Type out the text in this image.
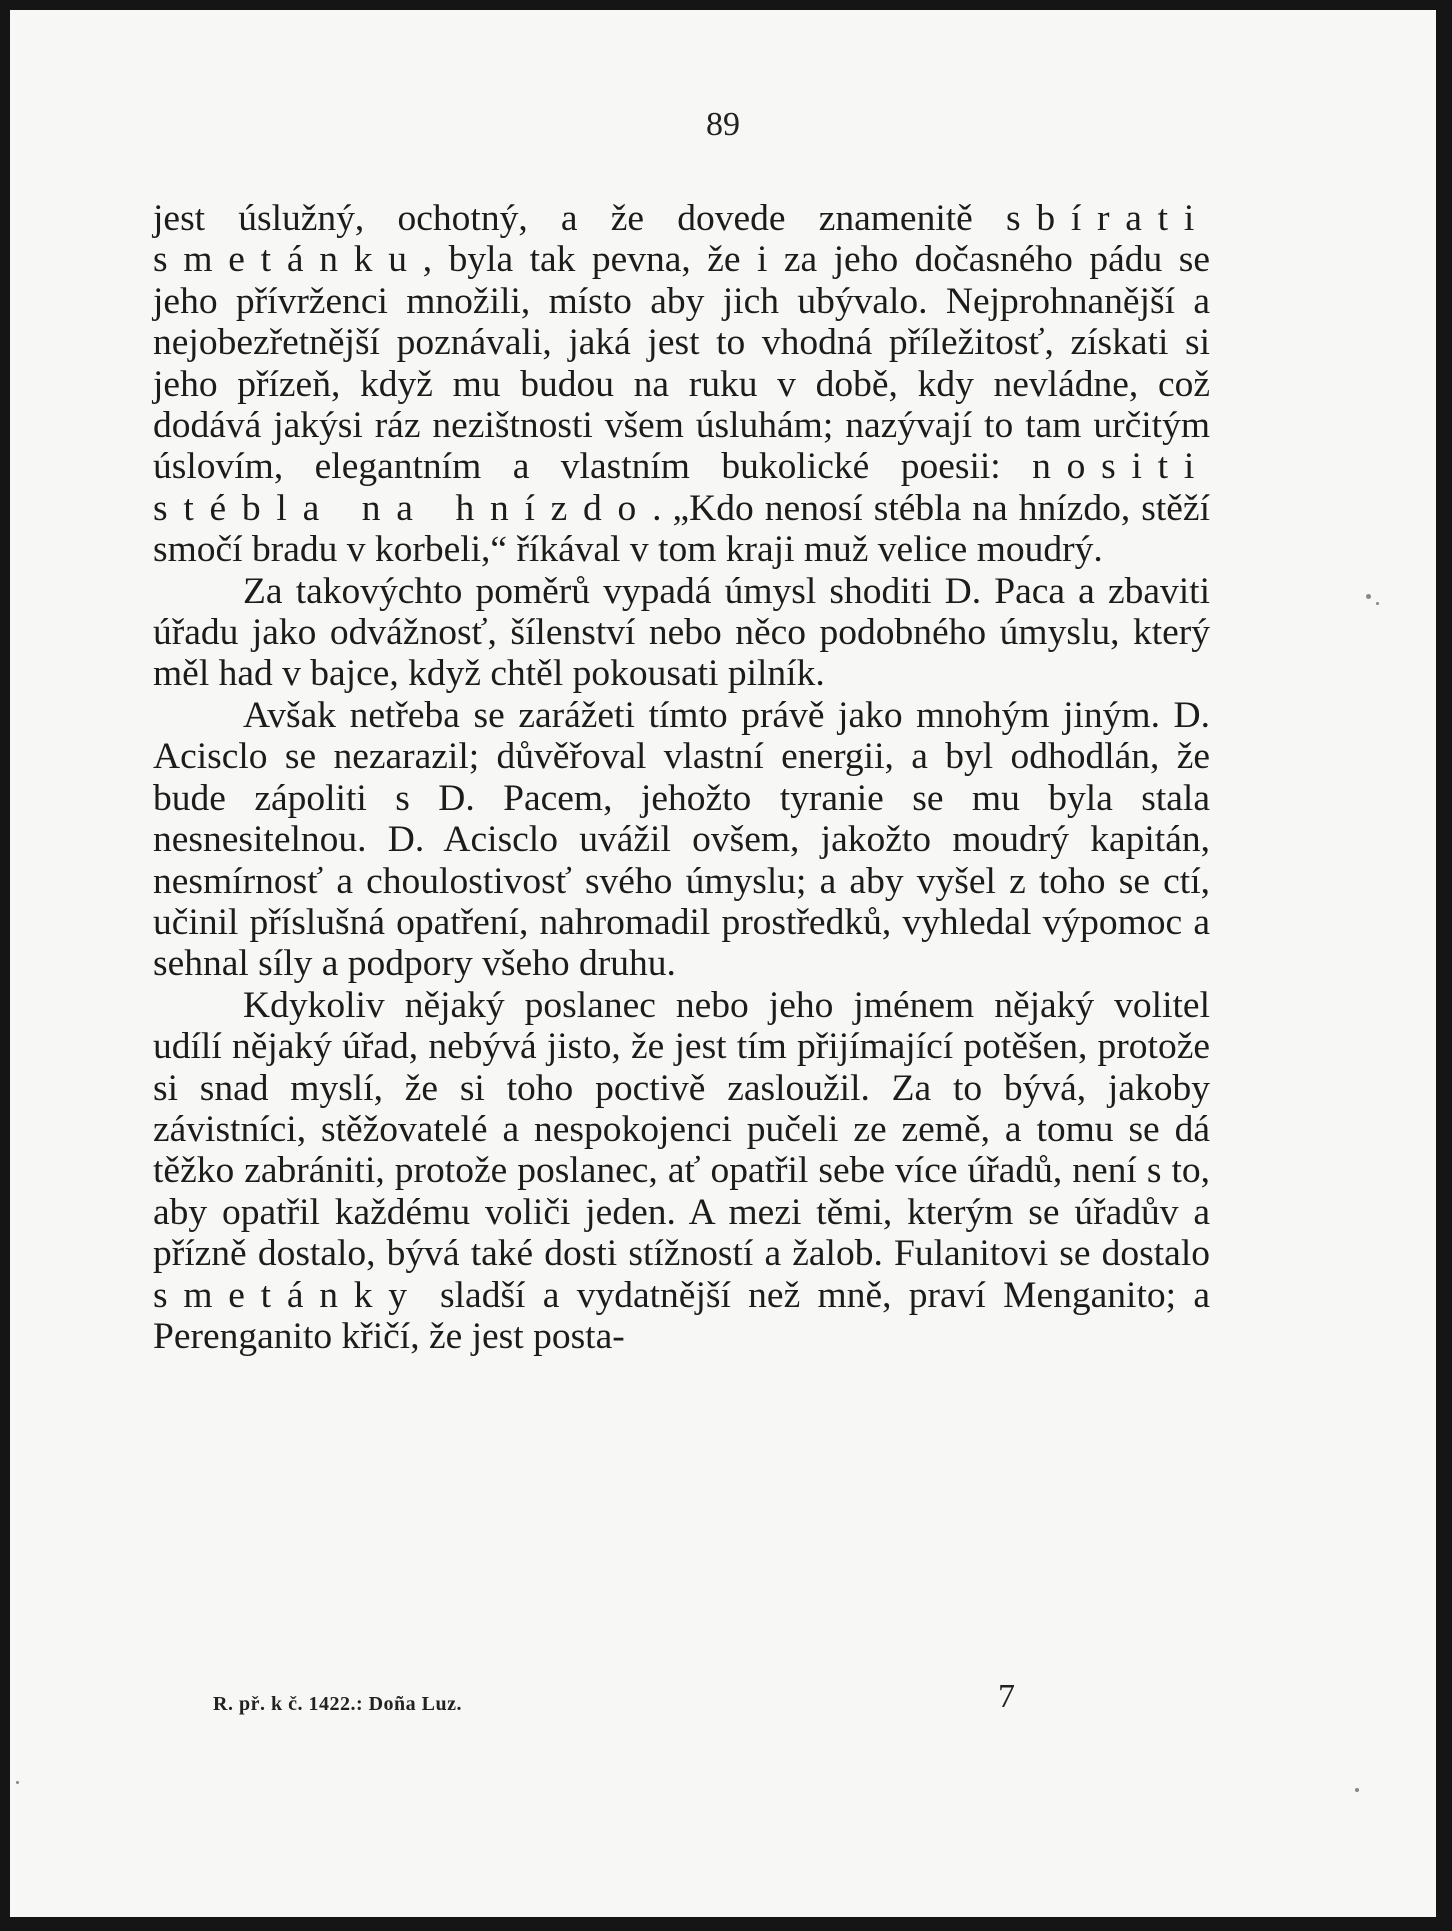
89

jest úslužný, ochotný, a že dovede znamenitě sbírati smetánku, byla tak pevna, že i za jeho dočasného pádu se jeho přívrženci množili, místo aby jich ubývalo. Nejprohnanější a nejobezřetnější poznávali, jaká jest to vhodná příležitosť, získati si jeho přízeň, když mu budou na ruku v době, kdy nevládne, což dodává jakýsi ráz nezištnosti všem úsluhám; nazývají to tam určitým úslovím, elegantním a vlastním bukolické poesii: nositi stébla na hnízdo. „Kdo nenosí stébla na hnízdo, stěží smočí bradu v korbeli,“ říkával v tom kraji muž velice moudrý.

Za takovýchto poměrů vypadá úmysl shoditi D. Paca a zbaviti úřadu jako odvážnosť, šílenství nebo něco podobného úmyslu, který měl had v bajce, když chtěl pokousati pilník.

Avšak netřeba se zarážeti tímto právě jako mnohým jiným. D. Acisclo se nezarazil; důvěřoval vlastní energii, a byl odhodlán, že bude zápoliti s D. Pacem, jehožto tyranie se mu byla stala nesnesitelnou. D. Acisclo uvážil ovšem, jakožto moudrý kapitán, nesmírnosť a choulostivosť svého úmyslu; a aby vyšel z toho se ctí, učinil příslušná opatření, nahromadil prostředků, vyhledal výpomoc a sehnal síly a podpory všeho druhu.

Kdykoliv nějaký poslanec nebo jeho jménem nějaký volitel udílí nějaký úřad, nebývá jisto, že jest tím přijímající potěšen, protože si snad myslí, že si toho poctivě zasloužil. Za to bývá, jakoby závistníci, stěžovatelé a nespokojenci pučeli ze země, a tomu se dá těžko zabrániti, protože poslanec, ať opatřil sebe více úřadů, není s to, aby opatřil každému voliči jeden. A mezi těmi, kterým se úřadův a přízně dostalo, bývá také dosti stížností a žalob. Fulanitovi se dostalo smetánky sladší a vydatnější než mně, praví Menganito; a Perenganito křičí, že jest posta-

R. př. k č. 1422.: Doña Luz.	7
